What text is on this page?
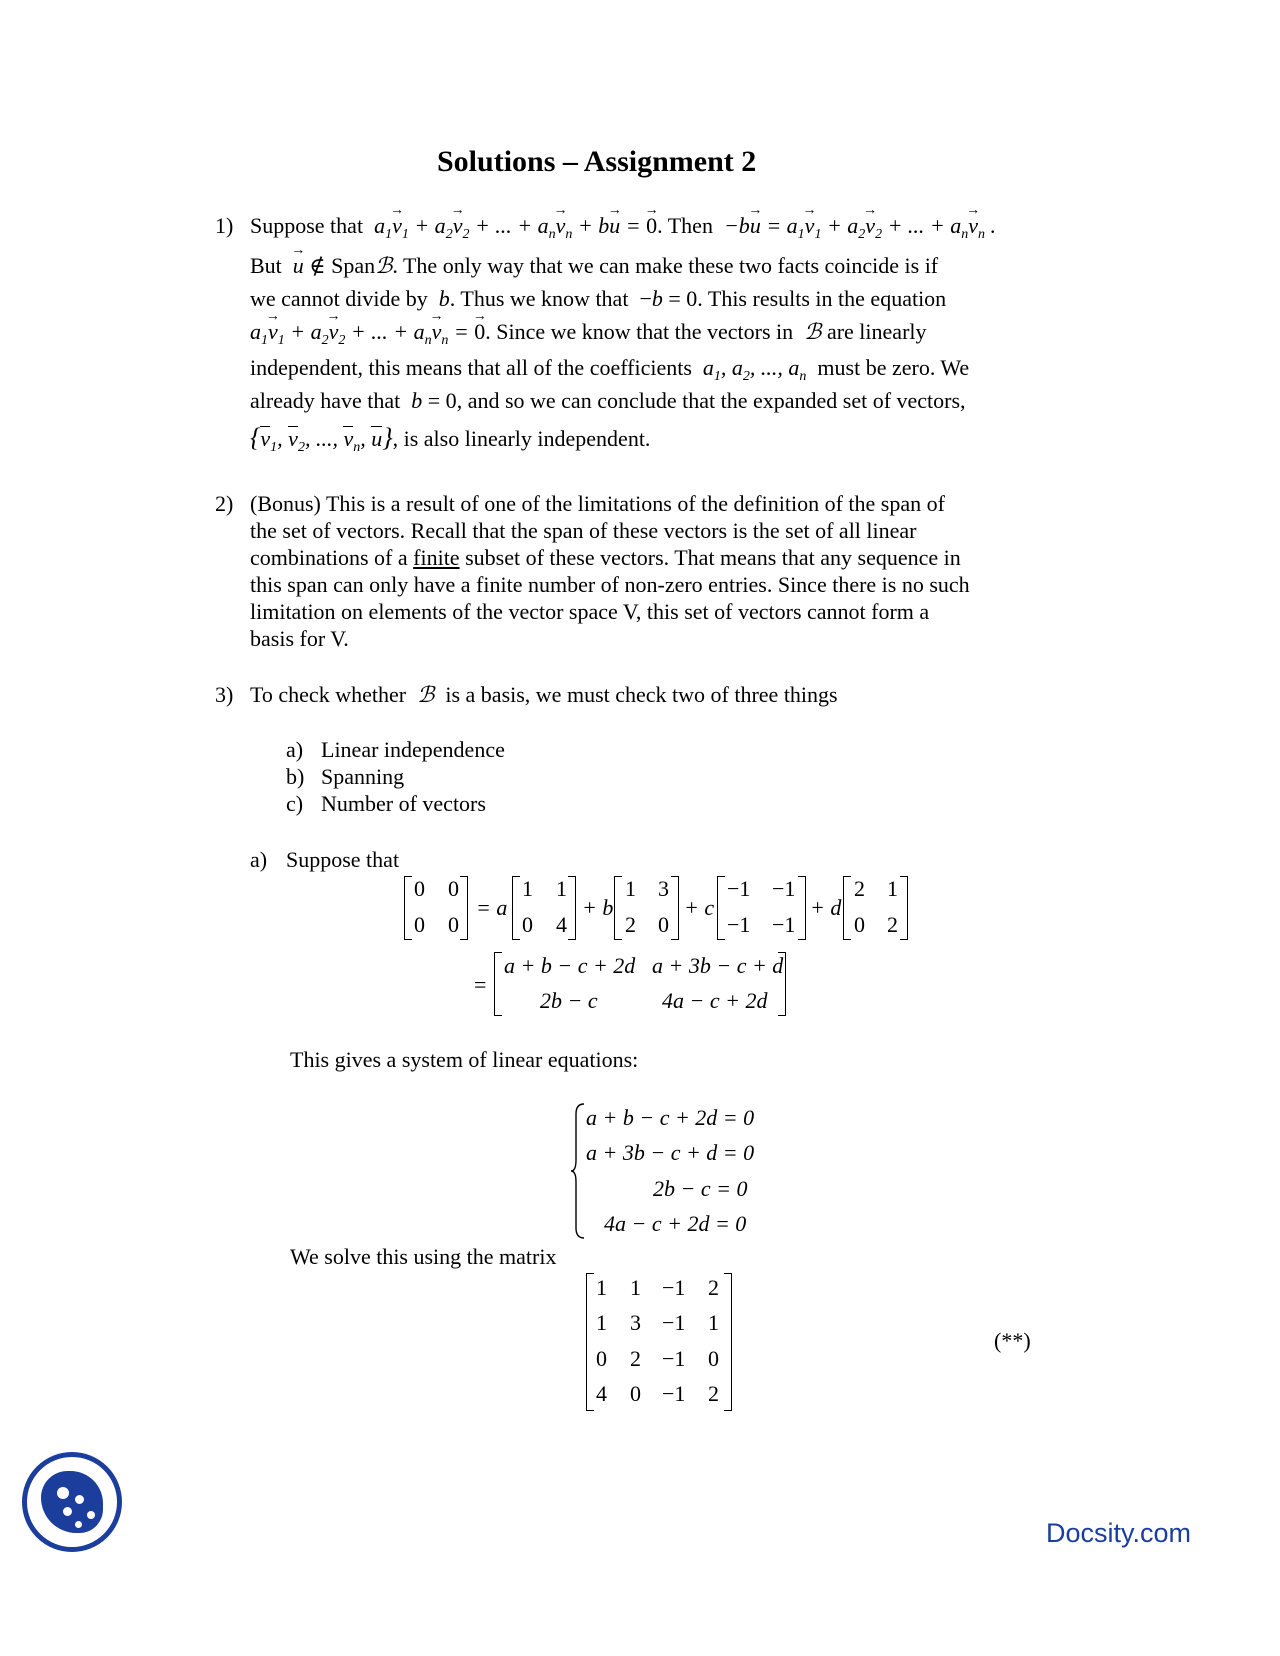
Solutions – Assignment 2
1) Suppose that  $a_1\to v_1 + a_2\to v_2$ + ... + $a_n\to v_n + b\to u$ = → 0. Then  $-b\to u = a_1\to v_1 + a_2\to v_2$ + ... + $a_n\to v_n$ .
But  → u ∉ Spanℬ. The only way that we can make these two facts coincide is if
we cannot divide by  b. Thus we know that  −b = 0. This results in the equation
$a_1\to v_1 + a_2\to v_2$ + ... + $a_n\to v_n$ = → 0. Since we know that the vectors in  ℬ are linearly
independent, this means that all of the coefficients  $a_1$, $a_2$, ..., $a_n$ must be zero. We
already have that b = 0, and so we can conclude that the expanded set of vectors,
{$v_1$, $v_2$, ..., $v_n$, u}, is also linearly independent.
2) (Bonus) This is a result of one of the limitations of the definition of the span of
the set of vectors. Recall that the span of these vectors is the set of all linear
combinations of a finite subset of these vectors. That means that any sequence in
this span can only have a finite number of non-zero entries. Since there is no such
limitation on elements of the vector space V, this set of vectors cannot form a
basis for V.
3) To check whether  ℬ  is a basis, we must check two of three things
a) Linear independence
b) Spanning
c) Number of vectors
a) Suppose that
0 0
0 0
= a
1 1
0 4
+ b
1 3
2 0
+ c
−1 −1
−1 −1
+ d
2 1
0 2
=
a + b − c + 2d a + 3b − c + d
2b − c	4a − c + 2d
This gives a system of linear equations:
a + b − c + 2d = 0
a + 3b − c + d = 0
2b − c = 0
4a − c + 2d = 0
We solve this using the matrix
1 1 −1 2
1 3 −1 1
0 2 −1 0
4 0 −1 2
(**)
Docsity.com
